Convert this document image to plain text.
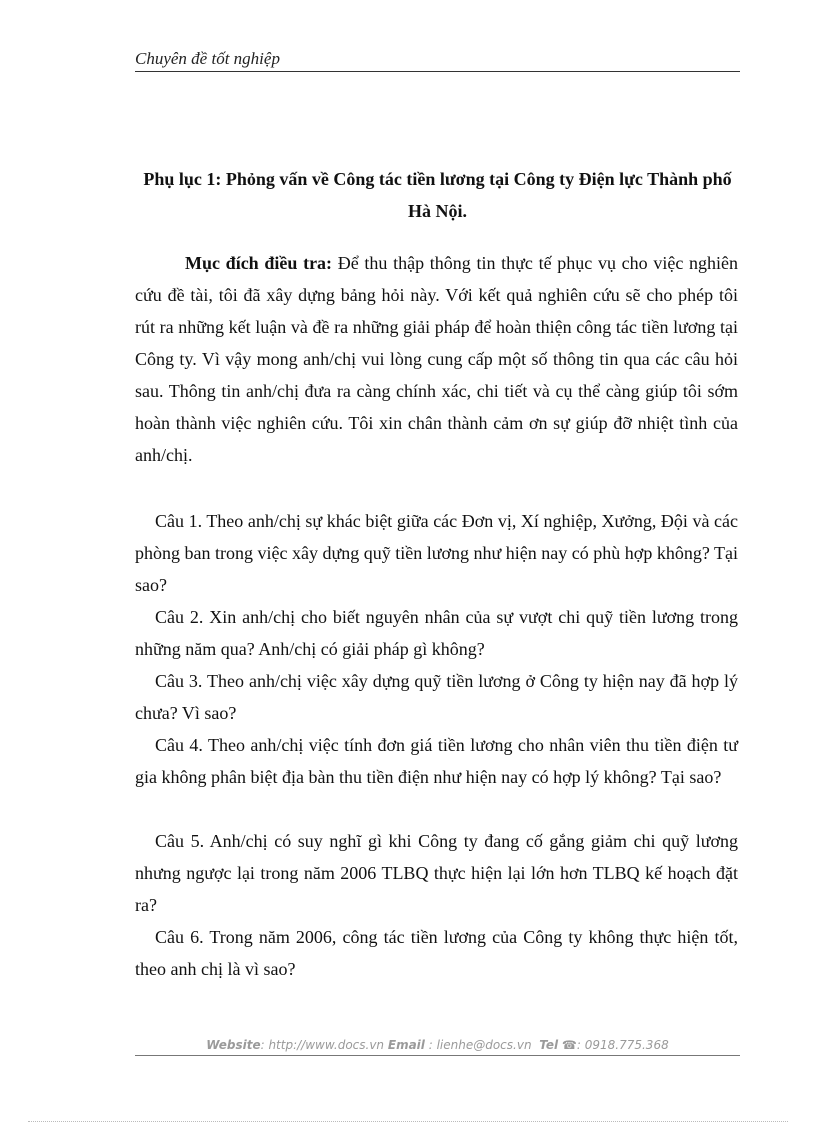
Chuyên đề tốt nghiệp
Phụ lục 1: Phỏng vấn về Công tác tiền lương tại Công ty Điện lực Thành phố Hà Nội.

Mục đích điều tra: Để thu thập thông tin thực tế phục vụ cho việc nghiên cứu đề tài, tôi đã xây dựng bảng hỏi này. Với kết quả nghiên cứu sẽ cho phép tôi rút ra những kết luận và đề ra những giải pháp để hoàn thiện công tác tiền lương tại Công ty. Vì vậy mong anh/chị vui lòng cung cấp một số thông tin qua các câu hỏi sau. Thông tin anh/chị đưa ra càng chính xác, chi tiết và cụ thể càng giúp tôi sớm hoàn thành việc nghiên cứu. Tôi xin chân thành cảm ơn sự giúp đỡ nhiệt tình của anh/chị.

Câu 1. Theo anh/chị sự khác biệt giữa các Đơn vị, Xí nghiệp, Xưởng, Đội và các phòng ban trong việc xây dựng quỹ tiền lương như hiện nay có phù hợp không? Tại sao?

Câu 2. Xin anh/chị cho biết nguyên nhân của sự vượt chi quỹ tiền lương trong những năm qua? Anh/chị có giải pháp gì không?

Câu 3. Theo anh/chị việc xây dựng quỹ tiền lương ở Công ty hiện nay đã hợp lý chưa? Vì sao?

Câu 4. Theo anh/chị việc tính đơn giá tiền lương cho nhân viên thu tiền điện tư gia không phân biệt địa bàn thu tiền điện như hiện nay có hợp lý không? Tại sao?

Câu 5. Anh/chị có suy nghĩ gì khi Công ty đang cố gắng giảm chi quỹ lương nhưng ngược lại trong năm 2006 TLBQ thực hiện lại lớn hơn TLBQ kế hoạch đặt ra?

Câu 6. Trong năm 2006, công tác tiền lương của Công ty không thực hiện tốt, theo anh chị là vì sao?

Website: http://www.docs.vn Email : lienhe@docs.vn Tel ☎: 0918.775.368
